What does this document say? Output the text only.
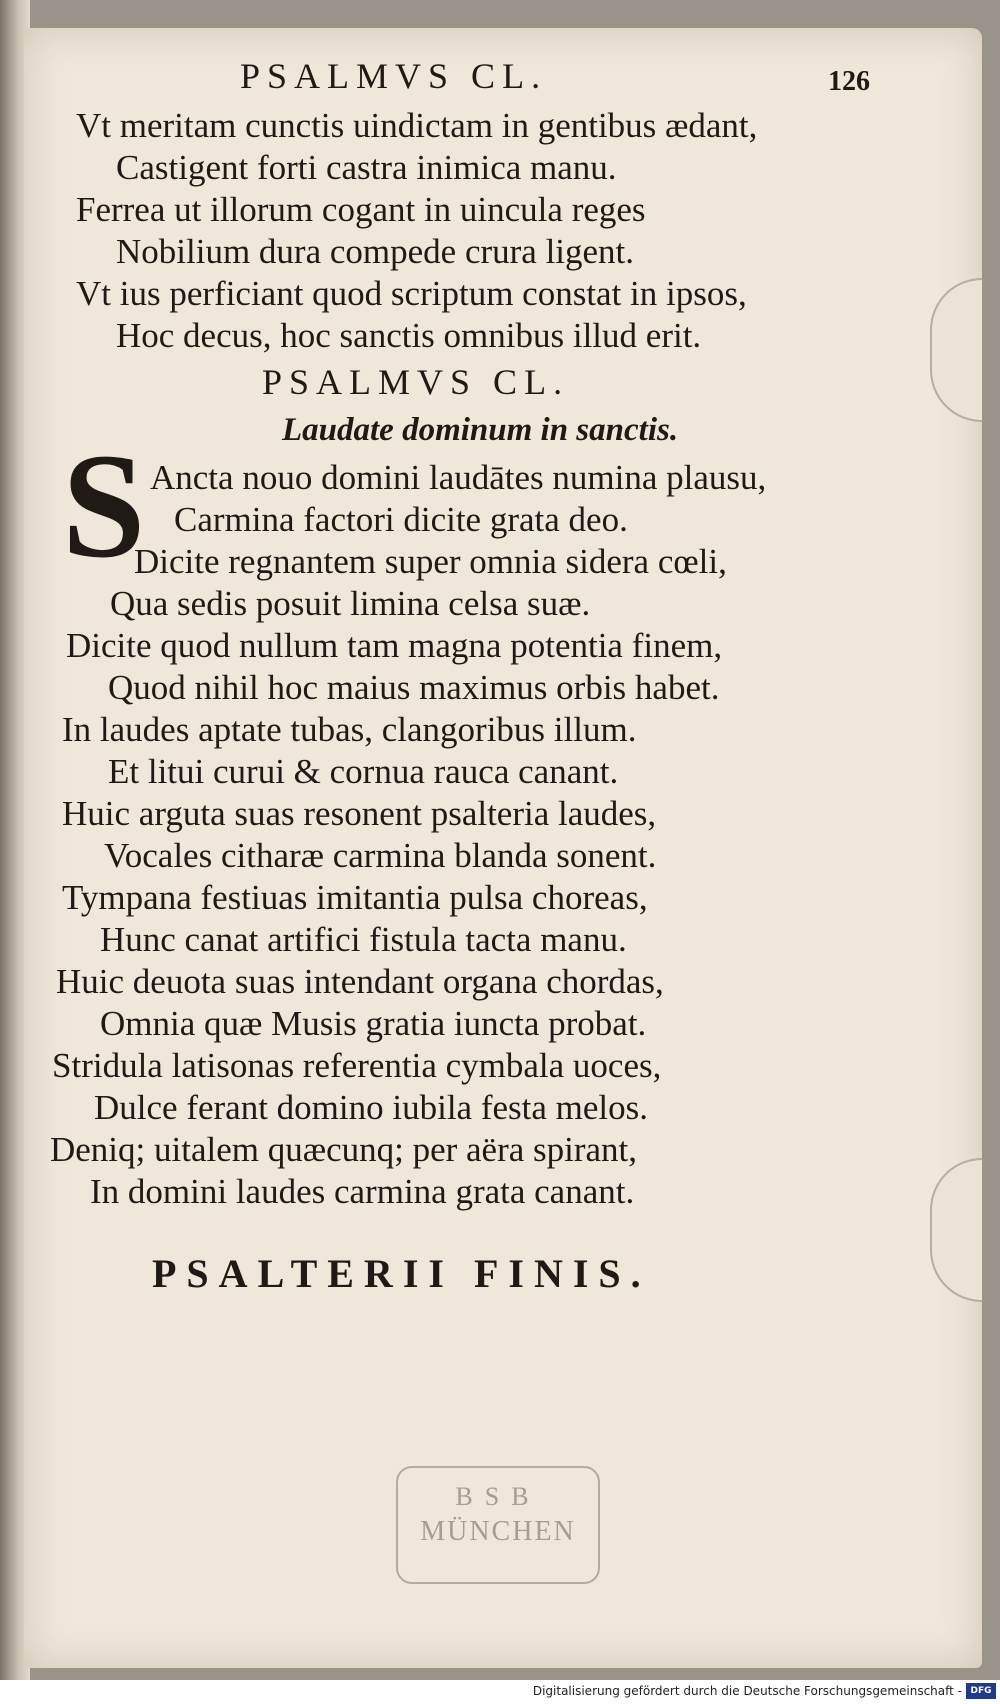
PSALMVS CL.	126
Vt meritam cunctis uindictam in gentibus ædant,
Castigent forti castra inimica manu.
Ferrea ut illorum cogant in uincula reges
Nobilium dura compede crura ligent.
Vt ius perficiant quod scriptum constat in ipsos,
Hoc decus, hoc sanctis omnibus illud erit.
PSALMVS CL.
Laudate dominum in sanctis.
S Ancta nouo domini laudātes numina plausu,
Carmina factori dicite grata deo.
Dicite regnantem super omnia sidera cœli,
Qua sedis posuit limina celsa suæ.
Dicite quod nullum tam magna potentia finem,
Quod nihil hoc maius maximus orbis habet.
In laudes aptate tubas, clangoribus illum.
Et litui curui & cornua rauca canant.
Huic arguta suas resonent psalteria laudes,
Vocales citharæ carmina blanda sonent.
Tympana festiuas imitantia pulsa choreas,
Hunc canat artifici fistula tacta manu.
Huic deuota suas intendant organa chordas,
Omnia quæ Musis gratia iuncta probat.
Stridula latisonas referentia cymbala uoces,
Dulce ferant domino iubila festa melos.
Deniq; uitalem quæcunq; per aëra spirant,
In domini laudes carmina grata canant.
PSALTERII FINIS.
BSB
MÜNCHEN
Digitalisierung gefördert durch die Deutsche Forschungsgemeinschaft - DFG
